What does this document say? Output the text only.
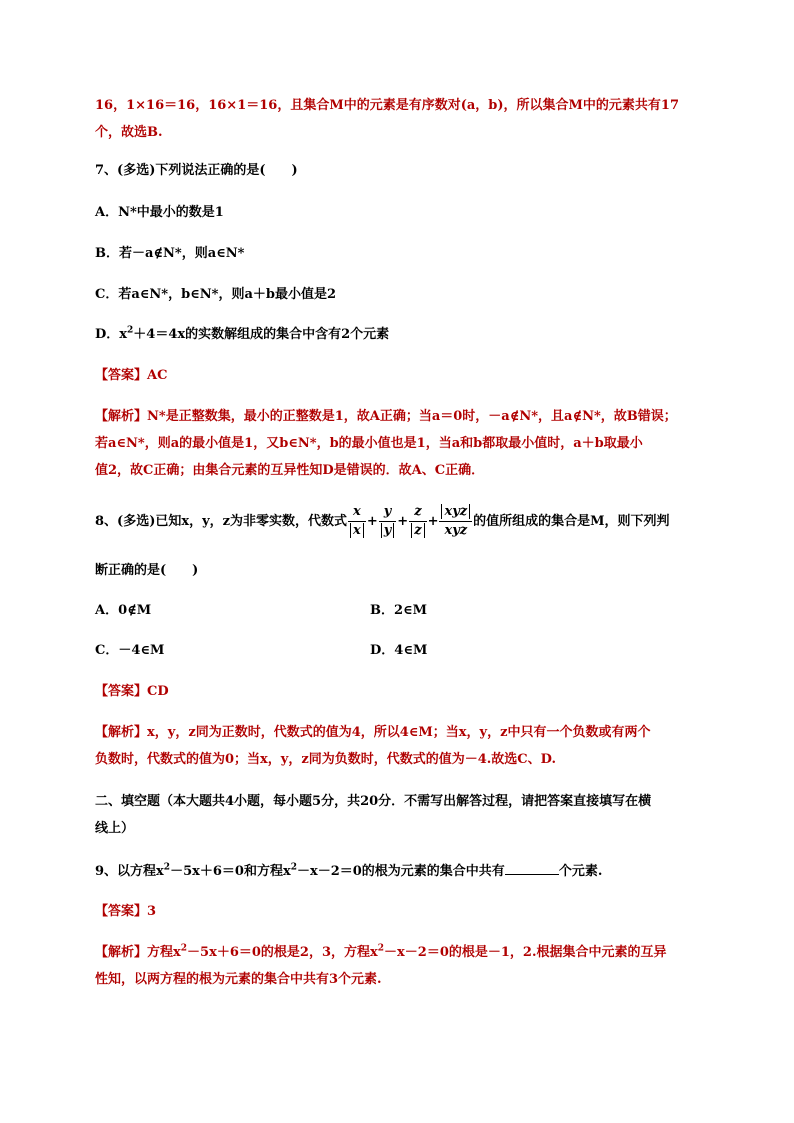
16，1×16＝16，16×1＝16，且集合M中的元素是有序数对(a，b)，所以集合M中的元素共有17
个，故选B.
7、(多选)下列说法正确的是(　　)
A．N*中最小的数是1
B．若－a∉N*，则a∈N*
C．若a∈N*，b∈N*，则a＋b最小值是2
D．$x^2+4=4x$的实数解组成的集合中含有2个元素
【答案】AC
【解析】N*是正整数集，最小的正整数是1，故A正确；当a＝0时，－a∉N*，且a∉N*，故B错误；
若a∈N*，则a的最小值是1，又b∈N*，b的最小值也是1，当a和b都取最小值时，a＋b取最小
值2，故C正确；由集合元素的互异性知D是错误的．故A、C正确．
8、(多选)已知x，y，z为非零实数，代数式 $\frac{x}{x} + \frac{y}{y} + \frac{z}{z} + \frac{\text{xyz}}{\text{xyz}}$ 的值所组成的集合是M，则下列判
断正确的是(　　)
A．0∉M	B．2∈M
C．－4∈M	D．4∈M
【答案】CD
【解析】x，y，z同为正数时，代数式的值为4，所以4∈M；当x，y，z中只有一个负数或有两个
负数时，代数式的值为0；当x，y，z同为负数时，代数式的值为－4.故选C、D.
二、填空题（本大题共4小题，每小题5分，共20分．不需写出解答过程，请把答案直接填写在横
线上）
9、以方程$x^2-5x+6=0$和方程$x^2-x-2=0$的根为元素的集合中共有	个元素.
【答案】3
【解析】方程$x^2-5x+6=0$的根是2，3，方程$x^2-x-2=0$的根是－1，2.根据集合中元素的互异
性知，以两方程的根为元素的集合中共有3个元素.
